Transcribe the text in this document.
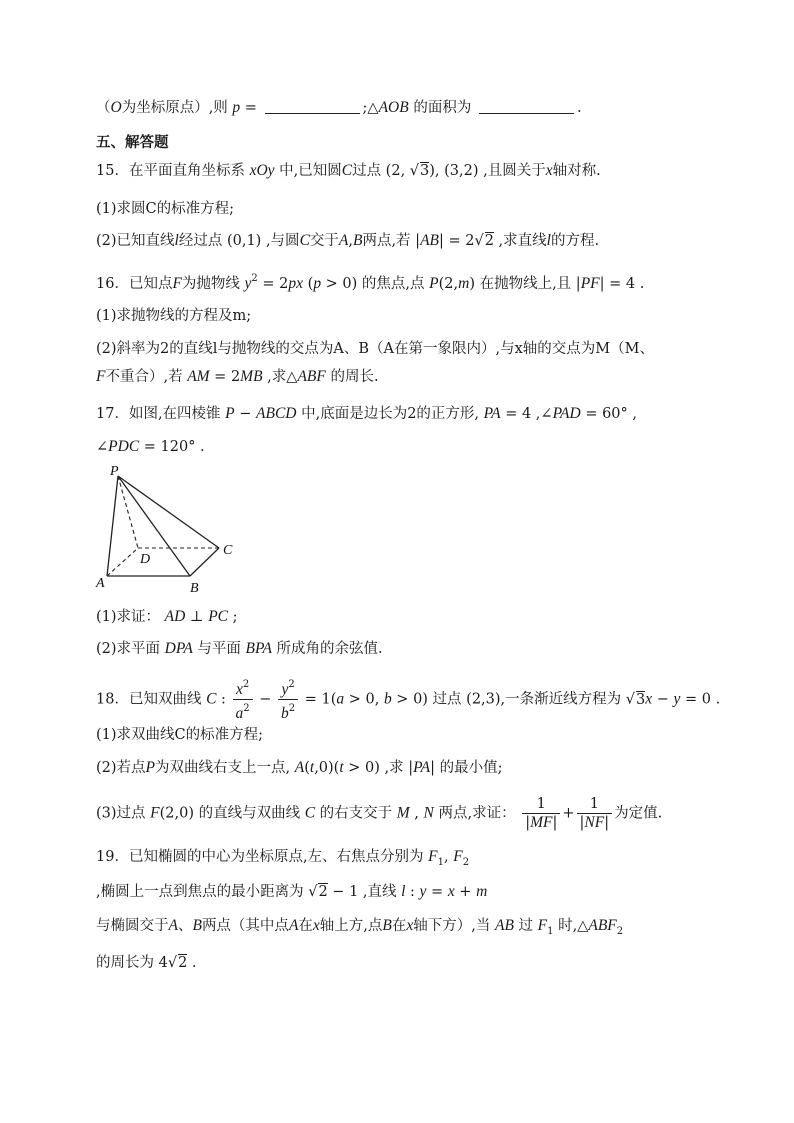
（O为坐标原点）,则 p =	;△AOB 的面积为	.
五、解答题
15．在平面直角坐标系 xOy 中,已知圆C过点 (2, √3), (3,2) ,且圆关于x轴对称.
(1)求圆C的标准方程;
(2)已知直线l经过点 (0,1) ,与圆C交于A,B两点,若 |AB| = 2√2 ,求直线l的方程.
16．已知点F为抛物线 $y^2 = 2px$ (p > 0) 的焦点,点 P(2,m) 在抛物线上,且 |PF| = 4 .
(1)求抛物线的方程及m;
(2)斜率为2的直线l与抛物线的交点为A、B（A在第一象限内）,与x轴的交点为M（M、
F不重合）,若 AM = 2MB ,求△ABF 的周长.
17．如图,在四棱锥 P − ABCD 中,底面是边长为2的正方形, PA = 4 ,∠PAD = 60° ,
∠PDC = 120° .
P
A	B
C
D
(1)求证： AD ⊥ PC ;
(2)求平面 DPA 与平面 BPA 所成角的余弦值.
18．已知双曲线 C : $\frac{x^2}{a^2} - \frac{y^2}{b^2} = 1(a > 0$, b > 0) 过点 (2,3),一条渐近线方程为 √3x − y = 0 .
(1)求双曲线C的标准方程;
(2)若点P为双曲线右支上一点, A(t,0)(t > 0) ,求 |PA| 的最小值;
(3)过点 F(2,0) 的直线与双曲线 C 的右支交于 M , N 两点,求证： $\frac{1}{|MF|} + \frac{1}{|NF|}$ 为定值.
19．已知椭圆的中心为坐标原点,左、右焦点分别为 $F_1$, $F_2$
,椭圆上一点到焦点的最小距离为 √2 − 1 ,直线 l : y = x + m
与椭圆交于A、B两点（其中点A在x轴上方,点B在x轴下方）,当 AB 过 $F_1$ 时$,\triangle ABF_2$
的周长为 4√2 .
